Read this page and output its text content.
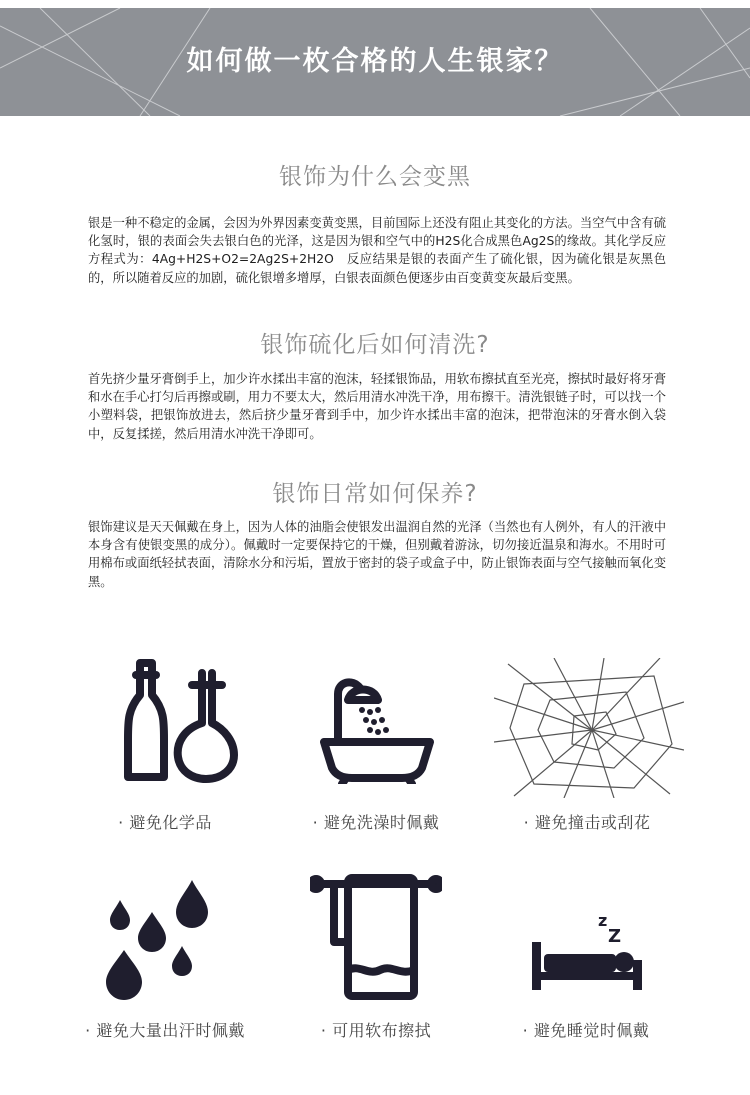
如何做一枚合格的人生银家？
银饰为什么会变黑
银是一种不稳定的金属，会因为外界因素变黄变黑，目前国际上还没有阻止其变化的方法。当空气中含有硫化氢时，银的表面会失去银白色的光泽，这是因为银和空气中的H2S化合成黑色Ag2S的缘故。其化学反应方程式为：4Ag+H2S+O2=2Ag2S+2H2O　反应结果是银的表面产生了硫化银，因为硫化银是灰黑色的，所以随着反应的加剧，硫化银增多增厚，白银表面颜色便逐步由百变黄变灰最后变黑。
银饰硫化后如何清洗?
首先挤少量牙膏倒手上，加少许水揉出丰富的泡沫，轻揉银饰品，用软布擦拭直至光亮，擦拭时最好将牙膏和水在手心打匀后再擦或刷，用力不要太大，然后用清水冲洗干净，用布擦干。清洗银链子时，可以找一个小塑料袋，把银饰放进去，然后挤少量牙膏到手中，加少许水揉出丰富的泡沫，把带泡沫的牙膏水倒入袋中，反复揉搓，然后用清水冲洗干净即可。
银饰日常如何保养?
银饰建议是天天佩戴在身上，因为人体的油脂会使银发出温润自然的光泽（当然也有人例外，有人的汗液中本身含有使银变黑的成分）。佩戴时一定要保持它的干燥，但别戴着游泳，切勿接近温泉和海水。不用时可用棉布或面纸轻拭表面，清除水分和污垢，置放于密封的袋子或盒子中，防止银饰表面与空气接触而氧化变黑。
z
Z
· 避免化学品	· 避免洗澡时佩戴	· 避免撞击或刮花
· 避免大量出汗时佩戴	· 可用软布擦拭	· 避免睡觉时佩戴
